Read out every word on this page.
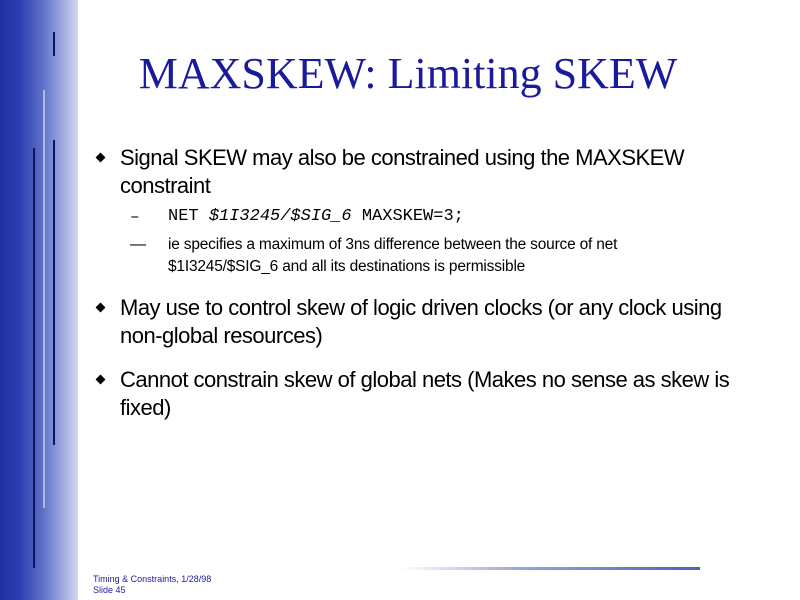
MAXSKEW: Limiting SKEW
Signal SKEW may also be constrained using the MAXSKEW constraint
– NET $1I3245/$SIG_6 MAXSKEW=3;
— ie specifies a maximum of 3ns difference between the source of net $1I3245/$SIG_6 and all its destinations is permissible
May use to control skew of logic driven clocks (or any clock using non-global resources)
Cannot constrain skew of global nets (Makes no sense as skew is fixed)
Timing & Constraints, 1/28/98
Slide 45
